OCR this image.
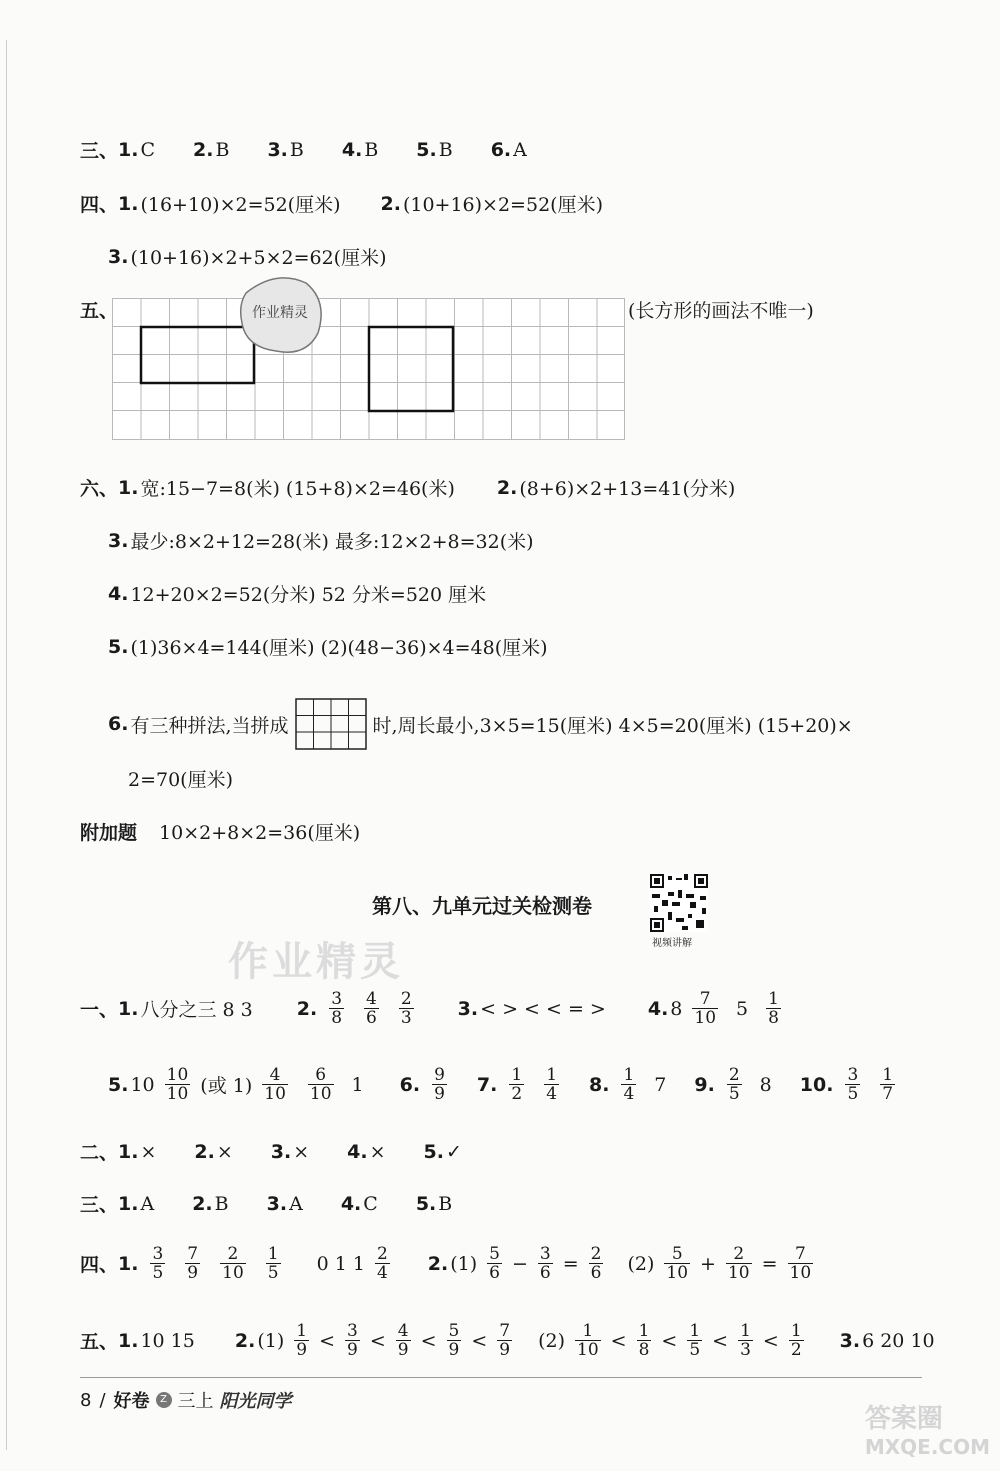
三、 1. C 2. B 3. B 4. B 5. B 6. A
四、 1. (16+10)×2=52(厘米) 2. (10+16)×2=52(厘米)
3. (10+16)×2+5×2=62(厘米)
五、	作业精灵	(长方形的画法不唯一)
六、 1. 宽:15−7=8(米) (15+8)×2=46(米) 2. (8+6)×2+13=41(分米)
3. 最少:8×2+12=28(米) 最多:12×2+8=32(米)
4. 12+20×2=52(分米) 52 分米=520 厘米
5. (1)36×4=144(厘米) (2)(48−36)×4=48(厘米)
6. 有三种拼法,当拼成	时,周长最小,3×5=15(厘米) 4×5=20(厘米) (15+20)×
2=70(厘米)
附加题 10×2+8×2=36(厘米)
第八、九单元过关检测卷
视频讲解
作业精灵
一、 1. 八分之三 8 3 2. $\frac{3}{8} \frac{4}{6} \frac{2}{3} 3$. < > < < = > 4. $8 \frac{7}{10} 5 \frac{1}{8}$
5. $10 \frac{10}{10}$ (或 $1) \frac{4}{10} \frac{6}{10} 1$ 6. $\frac{9}{9} 7$. $\frac{1}{2} \frac{1}{4} 8$. $\frac{1}{4} 7$ 9. $\frac{2}{5} 8$ 10. $\frac{3}{5} \frac{1}{7}$
二、 1. × 2. × 3. × 4. × 5. ✓
三、 1. A 2. B 3. A 4. C 5. B
四、 1. $\frac{3}{5} \frac{7}{9} \frac{2}{10} \frac{1}{5} 0$ 1 $1 \frac{2}{4} 2$. $(1) \frac{5}{6} - \frac{3}{6} = \frac{2}{6} (2) \frac{5}{10} + \frac{2}{10} = \frac{7}{10}$
五、 1. 10 15 2. $(1) \frac{1}{9} < \frac{3}{9} < \frac{4}{9} < \frac{5}{9} < \frac{7}{9} (2) \frac{1}{10} < \frac{1}{8} < \frac{1}{5} < \frac{1}{3} < \frac{1}{2} 3$. 6 20 10
8 / 好卷	Z 三上 阳光同学
答案圈
MXQE.COM
